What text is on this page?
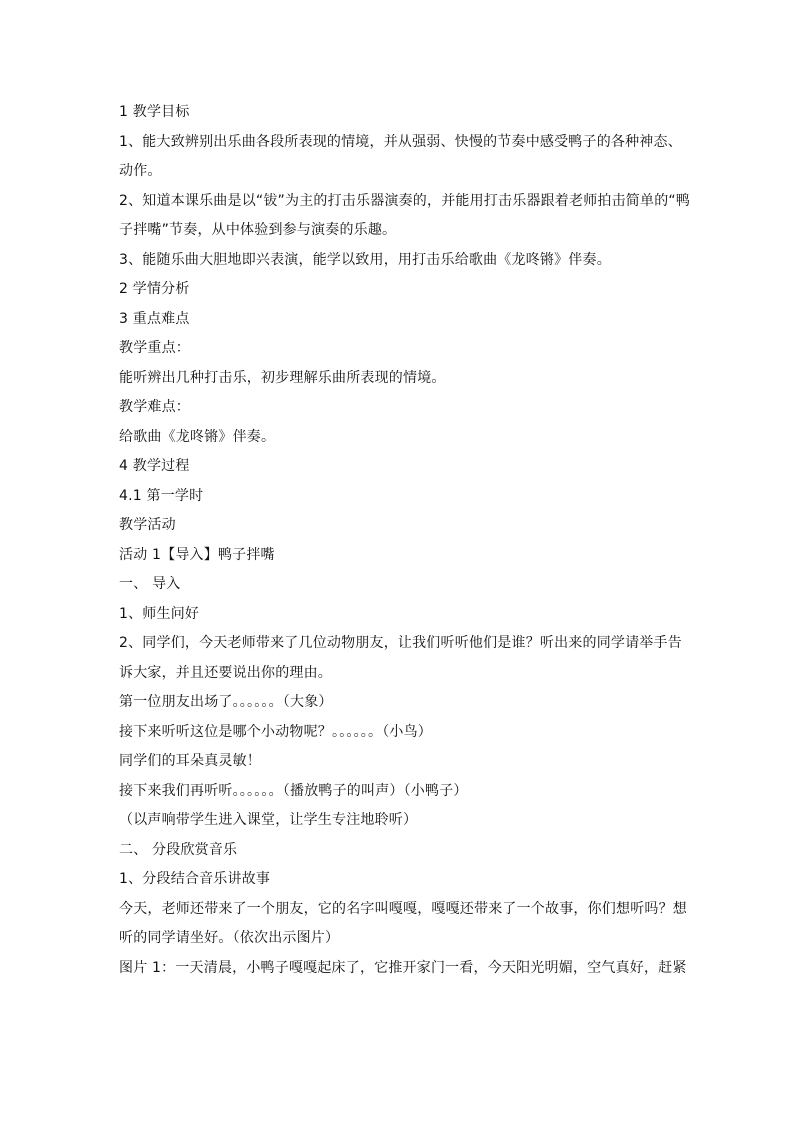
1 教学目标
1、能大致辨别出乐曲各段所表现的情境，并从强弱、快慢的节奏中感受鸭子的各种神态、
动作。
2、知道本课乐曲是以“钹”为主的打击乐器演奏的，并能用打击乐器跟着老师拍击简单的“鸭
子拌嘴”节奏，从中体验到参与演奏的乐趣。
3、能随乐曲大胆地即兴表演，能学以致用，用打击乐给歌曲《龙咚锵》伴奏。
2 学情分析
3 重点难点
教学重点：
能听辨出几种打击乐，初步理解乐曲所表现的情境。
教学难点：
给歌曲《龙咚锵》伴奏。
4 教学过程
4.1 第一学时
教学活动
活动 1【导入】鸭子拌嘴
一、 导入
1、师生问好
2、同学们，今天老师带来了几位动物朋友，让我们听听他们是谁？听出来的同学请举手告
诉大家，并且还要说出你的理由。
第一位朋友出场了。。。。。。（大象）
接下来听听这位是哪个小动物呢？。。。。。。（小鸟）
同学们的耳朵真灵敏！
接下来我们再听听。。。。。。（播放鸭子的叫声）（小鸭子）
（以声响带学生进入课堂，让学生专注地聆听）
二、 分段欣赏音乐
1、分段结合音乐讲故事
今天，老师还带来了一个朋友，它的名字叫嘎嘎，嘎嘎还带来了一个故事，你们想听吗？想
听的同学请坐好。（依次出示图片）
图片 1：一天清晨，小鸭子嘎嘎起床了，它推开家门一看，今天阳光明媚，空气真好，赶紧
